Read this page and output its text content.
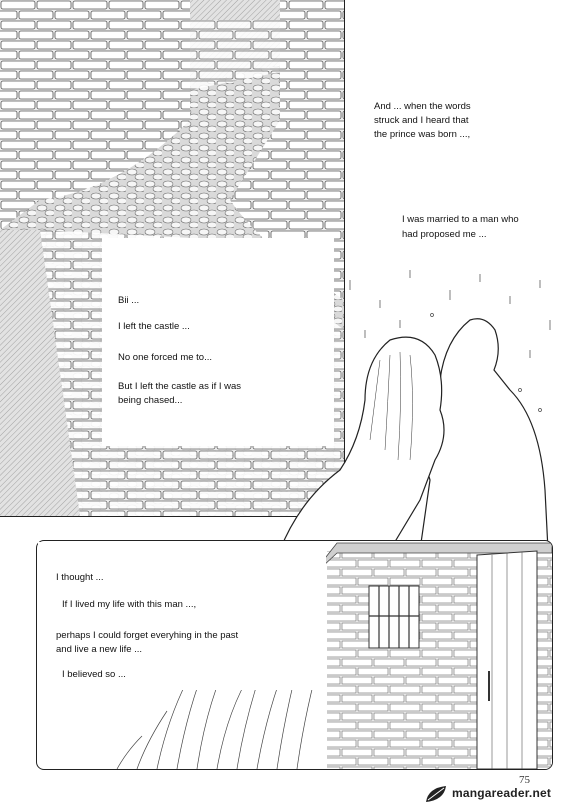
Bii ...
I left the castle ...
No one forced me to...
But I left the castle as if I was
being chased...
And ... when the words
struck and I heard that
the prince was born ...,
I was married to a man who
had proposed me ...
I thought ...
If I lived my life with this man ...,
perhaps I could forget everyhing in the past
and live a new life ...
I believed so ...
75
mangareader.net
